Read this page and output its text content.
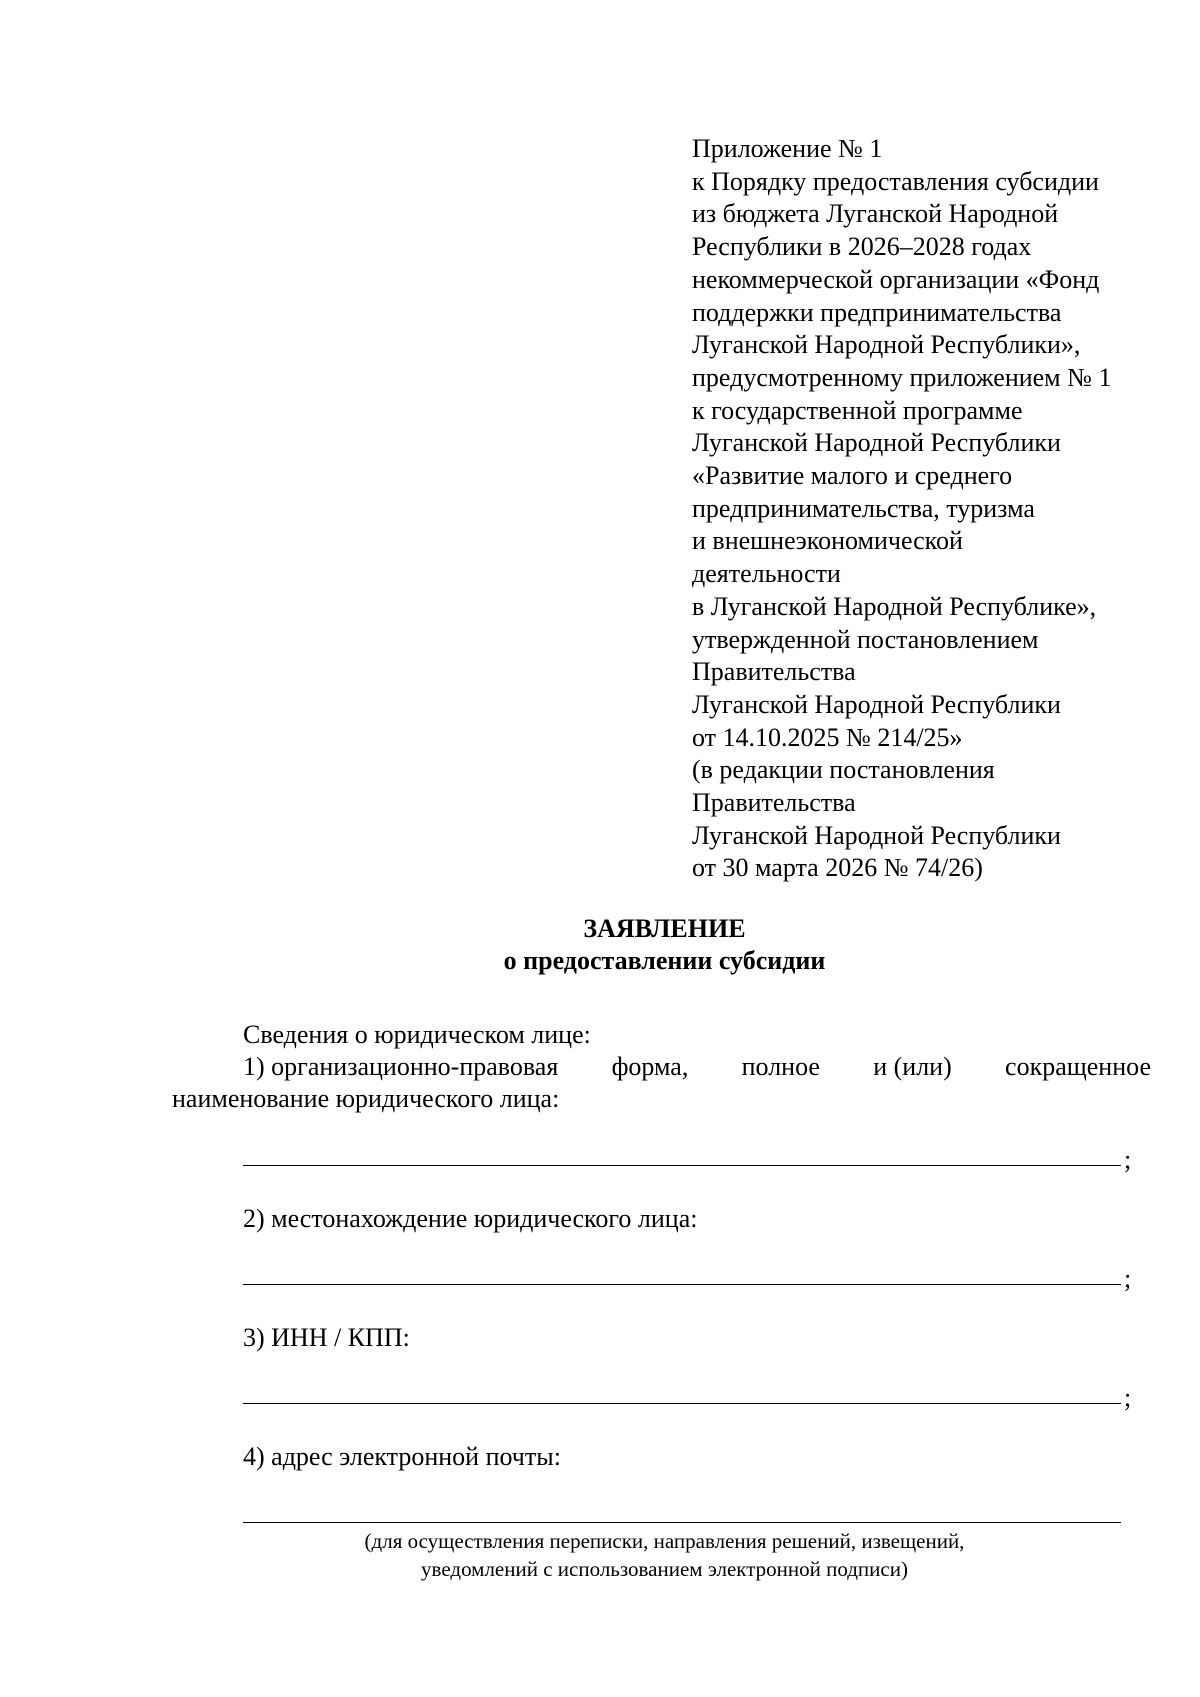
Приложение № 1
к Порядку предоставления субсидии
из бюджета Луганской Народной
Республики в 2026–2028 годах
некоммерческой организации «Фонд
поддержки предпринимательства
Луганской Народной Республики»,
предусмотренному приложением № 1
к государственной программе
Луганской Народной Республики
«Развитие малого и среднего
предпринимательства, туризма
и внешнеэкономической
деятельности
в Луганской Народной Республике»,
утвержденной постановлением
Правительства
Луганской Народной Республики
от 14.10.2025 № 214/25»
(в редакции постановления
Правительства
Луганской Народной Республики
от 30 марта 2026 № 74/26)
ЗАЯВЛЕНИЕ
о предоставлении субсидии
Сведения о юридическом лице:
1) организационно-правовая форма, полное и (или) сокращенное
наименование юридического лица:
;
2) местонахождение юридического лица:
;
3) ИНН / КПП:
;
4) адрес электронной почты:
(для осуществления переписки, направления решений, извещений,
уведомлений с использованием электронной подписи)
